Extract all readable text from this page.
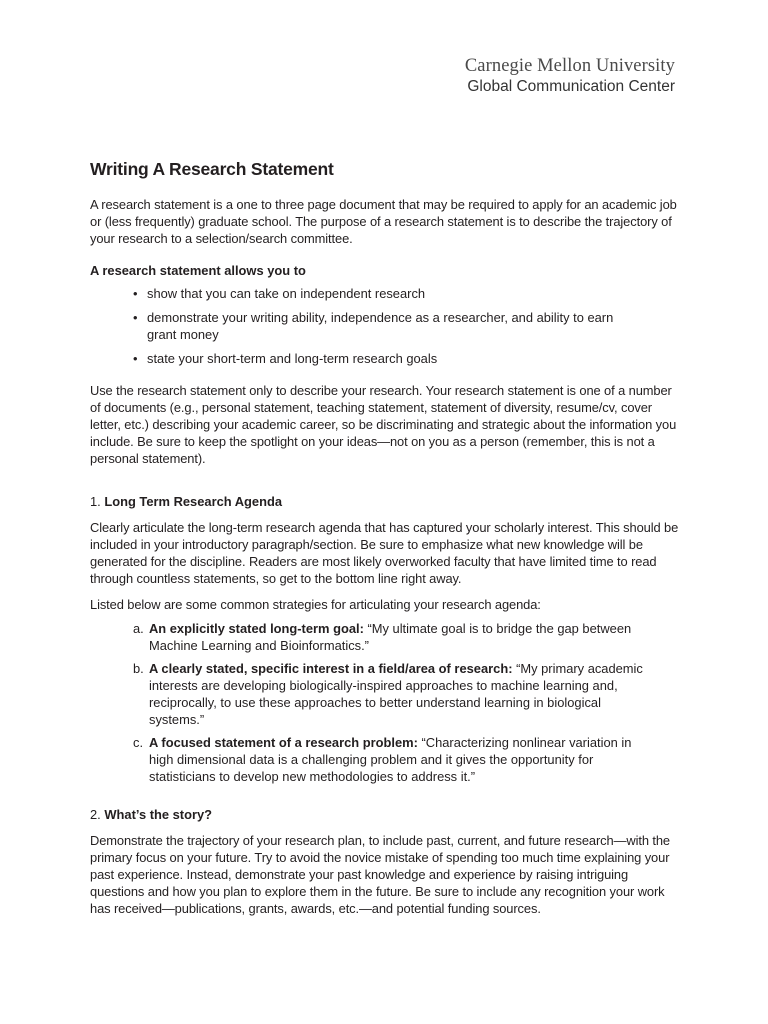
Carnegie Mellon University
Global Communication Center
Writing A Research Statement

A research statement is a one to three page document that may be required to apply for an academic job or (less frequently) graduate school. The purpose of a research statement is to describe the trajectory of your research to a selection/search committee.

A research statement allows you to
• show that you can take on independent research
• demonstrate your writing ability, independence as a researcher, and ability to earn grant money
• state your short-term and long-term research goals

Use the research statement only to describe your research. Your research statement is one of a number of documents (e.g., personal statement, teaching statement, statement of diversity, resume/cv, cover letter, etc.) describing your academic career, so be discriminating and strategic about the information you include. Be sure to keep the spotlight on your ideas—not on you as a person (remember, this is not a personal statement).

1. Long Term Research Agenda

Clearly articulate the long-term research agenda that has captured your scholarly interest. This should be included in your introductory paragraph/section. Be sure to emphasize what new knowledge will be generated for the discipline. Readers are most likely overworked faculty that have limited time to read through countless statements, so get to the bottom line right away.

Listed below are some common strategies for articulating your research agenda:

a. An explicitly stated long-term goal: “My ultimate goal is to bridge the gap between Machine Learning and Bioinformatics.”
b. A clearly stated, specific interest in a field/area of research: “My primary academic interests are developing biologically-inspired approaches to machine learning and, reciprocally, to use these approaches to better understand learning in biological systems.”
c. A focused statement of a research problem: “Characterizing nonlinear variation in high dimensional data is a challenging problem and it gives the opportunity for statisticians to develop new methodologies to address it.”
2. What’s the story?

Demonstrate the trajectory of your research plan, to include past, current, and future research—with the primary focus on your future. Try to avoid the novice mistake of spending too much time explaining your past experience. Instead, demonstrate your past knowledge and experience by raising intriguing questions and how you plan to explore them in the future. Be sure to include any recognition your work has received—publications, grants, awards, etc.—and potential funding sources.
